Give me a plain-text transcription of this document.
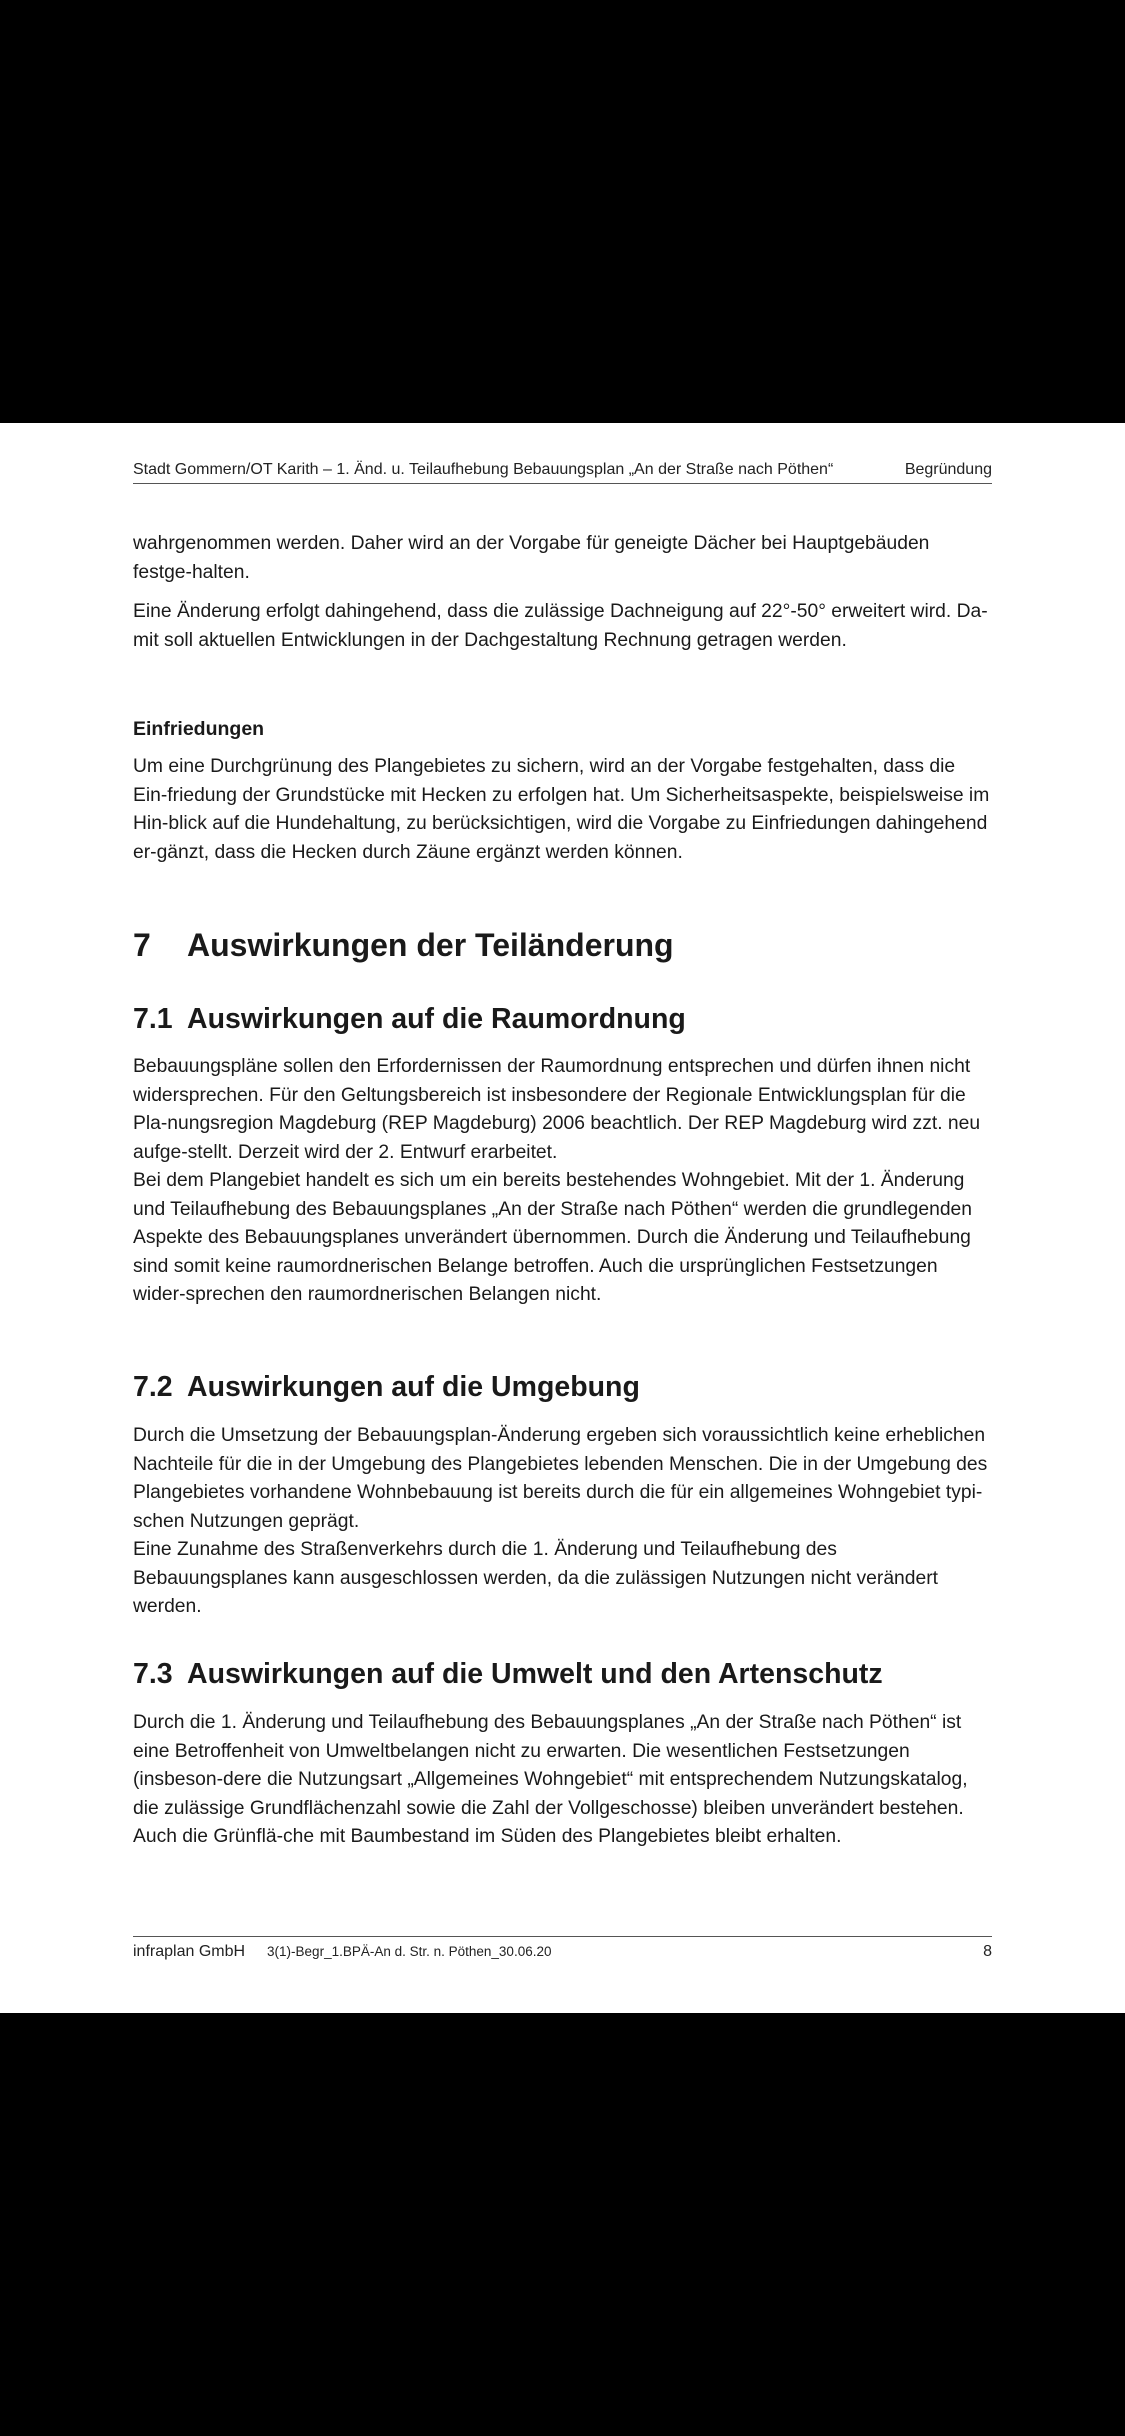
Stadt Gommern/OT Karith – 1. Änd. u. Teilaufhebung Bebauungsplan „An der Straße nach Pöthen“	Begründung

wahrgenommen werden. Daher wird an der Vorgabe für geneigte Dächer bei Hauptgebäuden festge-halten.

Eine Änderung erfolgt dahingehend, dass die zulässige Dachneigung auf 22°-50° erweitert wird. Da-mit soll aktuellen Entwicklungen in der Dachgestaltung Rechnung getragen werden.

Einfriedungen

Um eine Durchgrünung des Plangebietes zu sichern, wird an der Vorgabe festgehalten, dass die Ein-friedung der Grundstücke mit Hecken zu erfolgen hat. Um Sicherheitsaspekte, beispielsweise im Hin-blick auf die Hundehaltung, zu berücksichtigen, wird die Vorgabe zu Einfriedungen dahingehend er-gänzt, dass die Hecken durch Zäune ergänzt werden können.

7	Auswirkungen der Teiländerung
7.1 Auswirkungen auf die Raumordnung

Bebauungspläne sollen den Erfordernissen der Raumordnung entsprechen und dürfen ihnen nicht widersprechen. Für den Geltungsbereich ist insbesondere der Regionale Entwicklungsplan für die Pla-nungsregion Magdeburg (REP Magdeburg) 2006 beachtlich. Der REP Magdeburg wird zzt. neu aufge-stellt. Derzeit wird der 2. Entwurf erarbeitet.

Bei dem Plangebiet handelt es sich um ein bereits bestehendes Wohngebiet. Mit der 1. Änderung und Teilaufhebung des Bebauungsplanes „An der Straße nach Pöthen“ werden die grundlegenden Aspekte des Bebauungsplanes unverändert übernommen. Durch die Änderung und Teilaufhebung sind somit keine raumordnerischen Belange betroffen. Auch die ursprünglichen Festsetzungen wider-sprechen den raumordnerischen Belangen nicht.

7.2 Auswirkungen auf die Umgebung

Durch die Umsetzung der Bebauungsplan-Änderung ergeben sich voraussichtlich keine erheblichen Nachteile für die in der Umgebung des Plangebietes lebenden Menschen. Die in der Umgebung des Plangebietes vorhandene Wohnbebauung ist bereits durch die für ein allgemeines Wohngebiet typi-schen Nutzungen geprägt.

Eine Zunahme des Straßenverkehrs durch die 1. Änderung und Teilaufhebung des Bebauungsplanes kann ausgeschlossen werden, da die zulässigen Nutzungen nicht verändert werden.

7.3 Auswirkungen auf die Umwelt und den Artenschutz

Durch die 1. Änderung und Teilaufhebung des Bebauungsplanes „An der Straße nach Pöthen“ ist eine Betroffenheit von Umweltbelangen nicht zu erwarten. Die wesentlichen Festsetzungen (insbeson-dere die Nutzungsart „Allgemeines Wohngebiet“ mit entsprechendem Nutzungskatalog, die zulässige Grundflächenzahl sowie die Zahl der Vollgeschosse) bleiben unverändert bestehen. Auch die Grünflä-che mit Baumbestand im Süden des Plangebietes bleibt erhalten.

infraplan GmbH 3(1)-Begr_1.BPÄ-An d. Str. n. Pöthen_30.06.20	8
